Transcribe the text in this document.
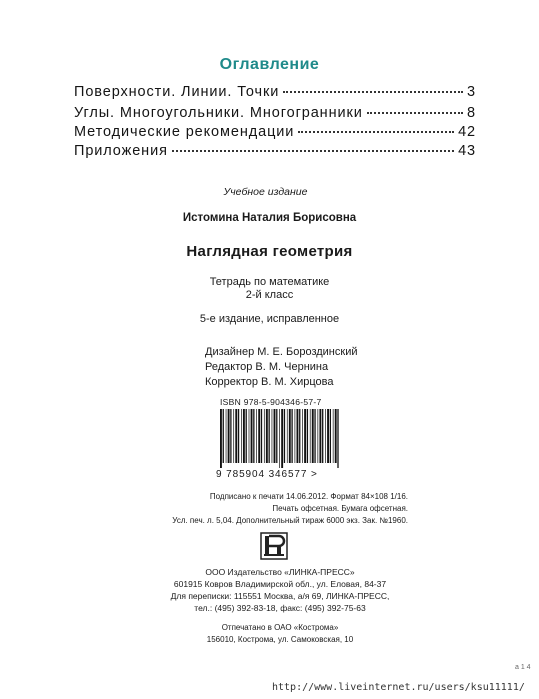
Оглавление
Поверхности. Линии. Точки	3
Углы. Многоугольники. Многогранники	8
Методические рекомендации	42
Приложения	43
Учебное издание
Истомина Наталия Борисовна
Наглядная геометрия
Тетрадь по математике
2-й класс
5-е издание, исправленное
Дизайнер М. Е. Бороздинский
Редактор В. М. Чернина
Корректор В. М. Хирцова
ISBN 978-5-904346-57-7
9 785904 346577 >
Подписано к печати 14.06.2012. Формат 84×108 1/16.
Печать офсетная. Бумага офсетная.
Усл. печ. л. 5,04. Дополнительный тираж 6000 экз. Зак. №1960.
ООО Издательство «ЛИНКА-ПРЕСС»
601915 Ковров Владимирской обл., ул. Еловая, 84-37
Для переписки: 115551 Москва, а/я 69, ЛИНКА-ПРЕСС,
тел.: (495) 392-83-18, факс: (495) 392-75-63
Отпечатано в ОАО «Кострома»
156010, Кострома, ул. Самоковская, 10
a 1 4
http://www.liveinternet.ru/users/ksu11111/
